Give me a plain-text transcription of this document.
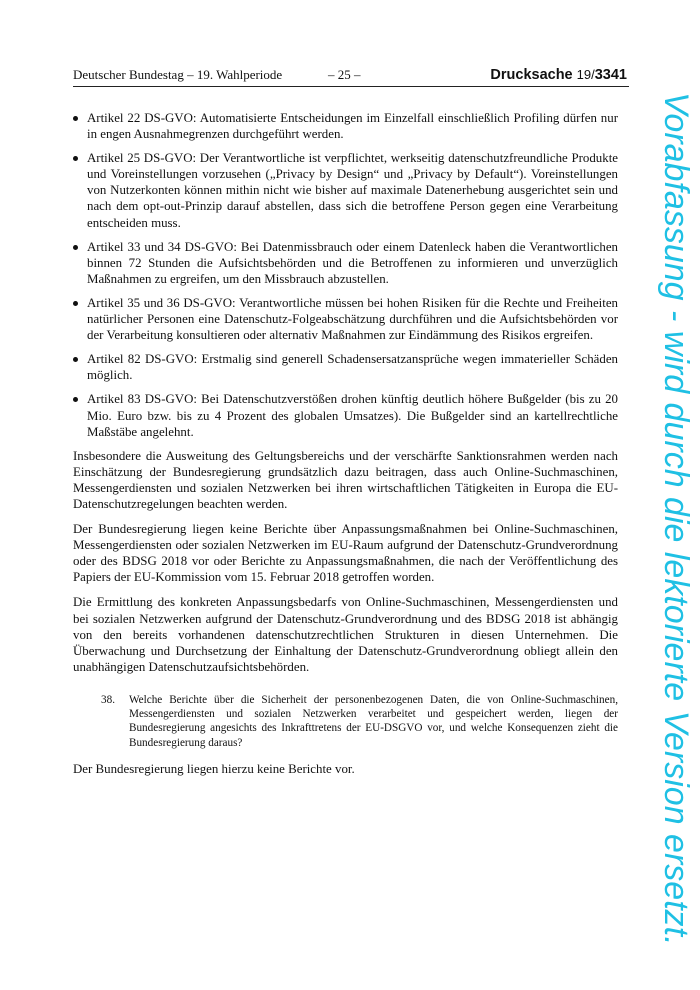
Deutscher Bundestag – 19. Wahlperiode	– 25 –	Drucksache 19/3341
Artikel 22 DS-GVO: Automatisierte Entscheidungen im Einzelfall einschließlich Profiling dürfen nur in engen Ausnahmegrenzen durchgeführt werden.
Artikel 25 DS-GVO: Der Verantwortliche ist verpflichtet, werkseitig datenschutzfreundliche Produkte und Voreinstellungen vorzusehen („Privacy by Design“ und „Privacy by Default“). Voreinstellungen von Nutzerkonten können mithin nicht wie bisher auf maximale Datenerhebung ausgerichtet sein und nach dem opt-out-Prinzip darauf abstellen, dass sich die betroffene Person gegen eine Verarbeitung entscheiden muss.
Artikel 33 und 34 DS-GVO: Bei Datenmissbrauch oder einem Datenleck haben die Verantwortlichen binnen 72 Stunden die Aufsichtsbehörden und die Betroffenen zu informieren und unverzüglich Maßnahmen zu ergreifen, um den Missbrauch abzustellen.
Artikel 35 und 36 DS-GVO: Verantwortliche müssen bei hohen Risiken für die Rechte und Freiheiten natürlicher Personen eine Datenschutz-Folgeabschätzung durchführen und die Aufsichtsbehörden vor der Verarbeitung konsultieren oder alternativ Maßnahmen zur Eindämmung des Risikos ergreifen.
Artikel 82 DS-GVO: Erstmalig sind generell Schadensersatzansprüche wegen immaterieller Schäden möglich.
Artikel 83 DS-GVO: Bei Datenschutzverstößen drohen künftig deutlich höhere Bußgelder (bis zu 20 Mio. Euro bzw. bis zu 4 Prozent des globalen Umsatzes). Die Bußgelder sind an kartellrechtliche Maßstäbe angelehnt.

Insbesondere die Ausweitung des Geltungsbereichs und der verschärfte Sanktionsrahmen werden nach Einschätzung der Bundesregierung grundsätzlich dazu beitragen, dass auch Online-Suchmaschinen, Messengerdiensten und sozialen Netzwerken bei ihren wirtschaftlichen Tätigkeiten in Europa die EU-Datenschutzregelungen beachten werden.

Der Bundesregierung liegen keine Berichte über Anpassungsmaßnahmen bei Online-Suchmaschinen, Messengerdiensten oder sozialen Netzwerken im EU-Raum aufgrund der Datenschutz-Grundverordnung oder des BDSG 2018 vor oder Berichte zu Anpassungsmaßnahmen, die nach der Veröffentlichung des Papiers der EU-Kommission vom 15. Februar 2018 getroffen worden.

Die Ermittlung des konkreten Anpassungsbedarfs von Online-Suchmaschinen, Messengerdiensten und bei sozialen Netzwerken aufgrund der Datenschutz-Grundverordnung und des BDSG 2018 ist abhängig von den bereits vorhandenen datenschutzrechtlichen Strukturen in diesen Unternehmen. Die Überwachung und Durchsetzung der Einhaltung der Datenschutz-Grundverordnung obliegt allein den unabhängigen Datenschutzaufsichtsbehörden.

38.	Welche Berichte über die Sicherheit der personenbezogenen Daten, die von Online-Suchmaschinen, Messengerdiensten und sozialen Netzwerken verarbeitet und gespeichert werden, liegen der Bundesregierung angesichts des Inkrafttretens der EU-DSGVO vor, und welche Konsequenzen zieht die Bundesregierung daraus?

Der Bundesregierung liegen hierzu keine Berichte vor.	Vorabfassung - wird durch die lektorierte Version ersetzt.
